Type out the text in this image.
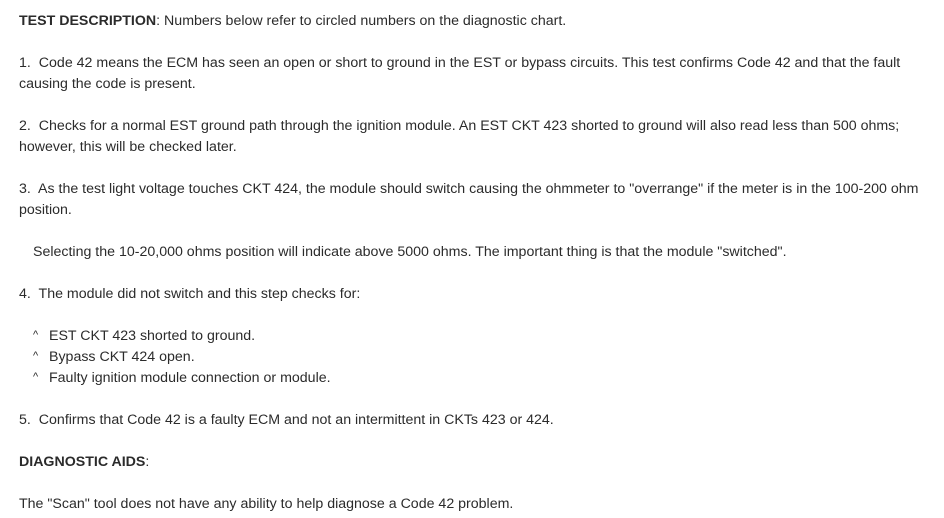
TEST DESCRIPTION: Numbers below refer to circled numbers on the diagnostic chart.

1. Code 42 means the ECM has seen an open or short to ground in the EST or bypass circuits. This test confirms Code 42 and that the fault causing the code is present.

2. Checks for a normal EST ground path through the ignition module. An EST CKT 423 shorted to ground will also read less than 500 ohms; however, this will be checked later.

3. As the test light voltage touches CKT 424, the module should switch causing the ohmmeter to "overrange" if the meter is in the 100-200 ohm position.

Selecting the 10-20,000 ohms position will indicate above 5000 ohms. The important thing is that the module "switched".

4. The module did not switch and this step checks for:

^ EST CKT 423 shorted to ground.
^ Bypass CKT 424 open.
^ Faulty ignition module connection or module.

5. Confirms that Code 42 is a faulty ECM and not an intermittent in CKTs 423 or 424.

DIAGNOSTIC AIDS:

The "Scan" tool does not have any ability to help diagnose a Code 42 problem.
